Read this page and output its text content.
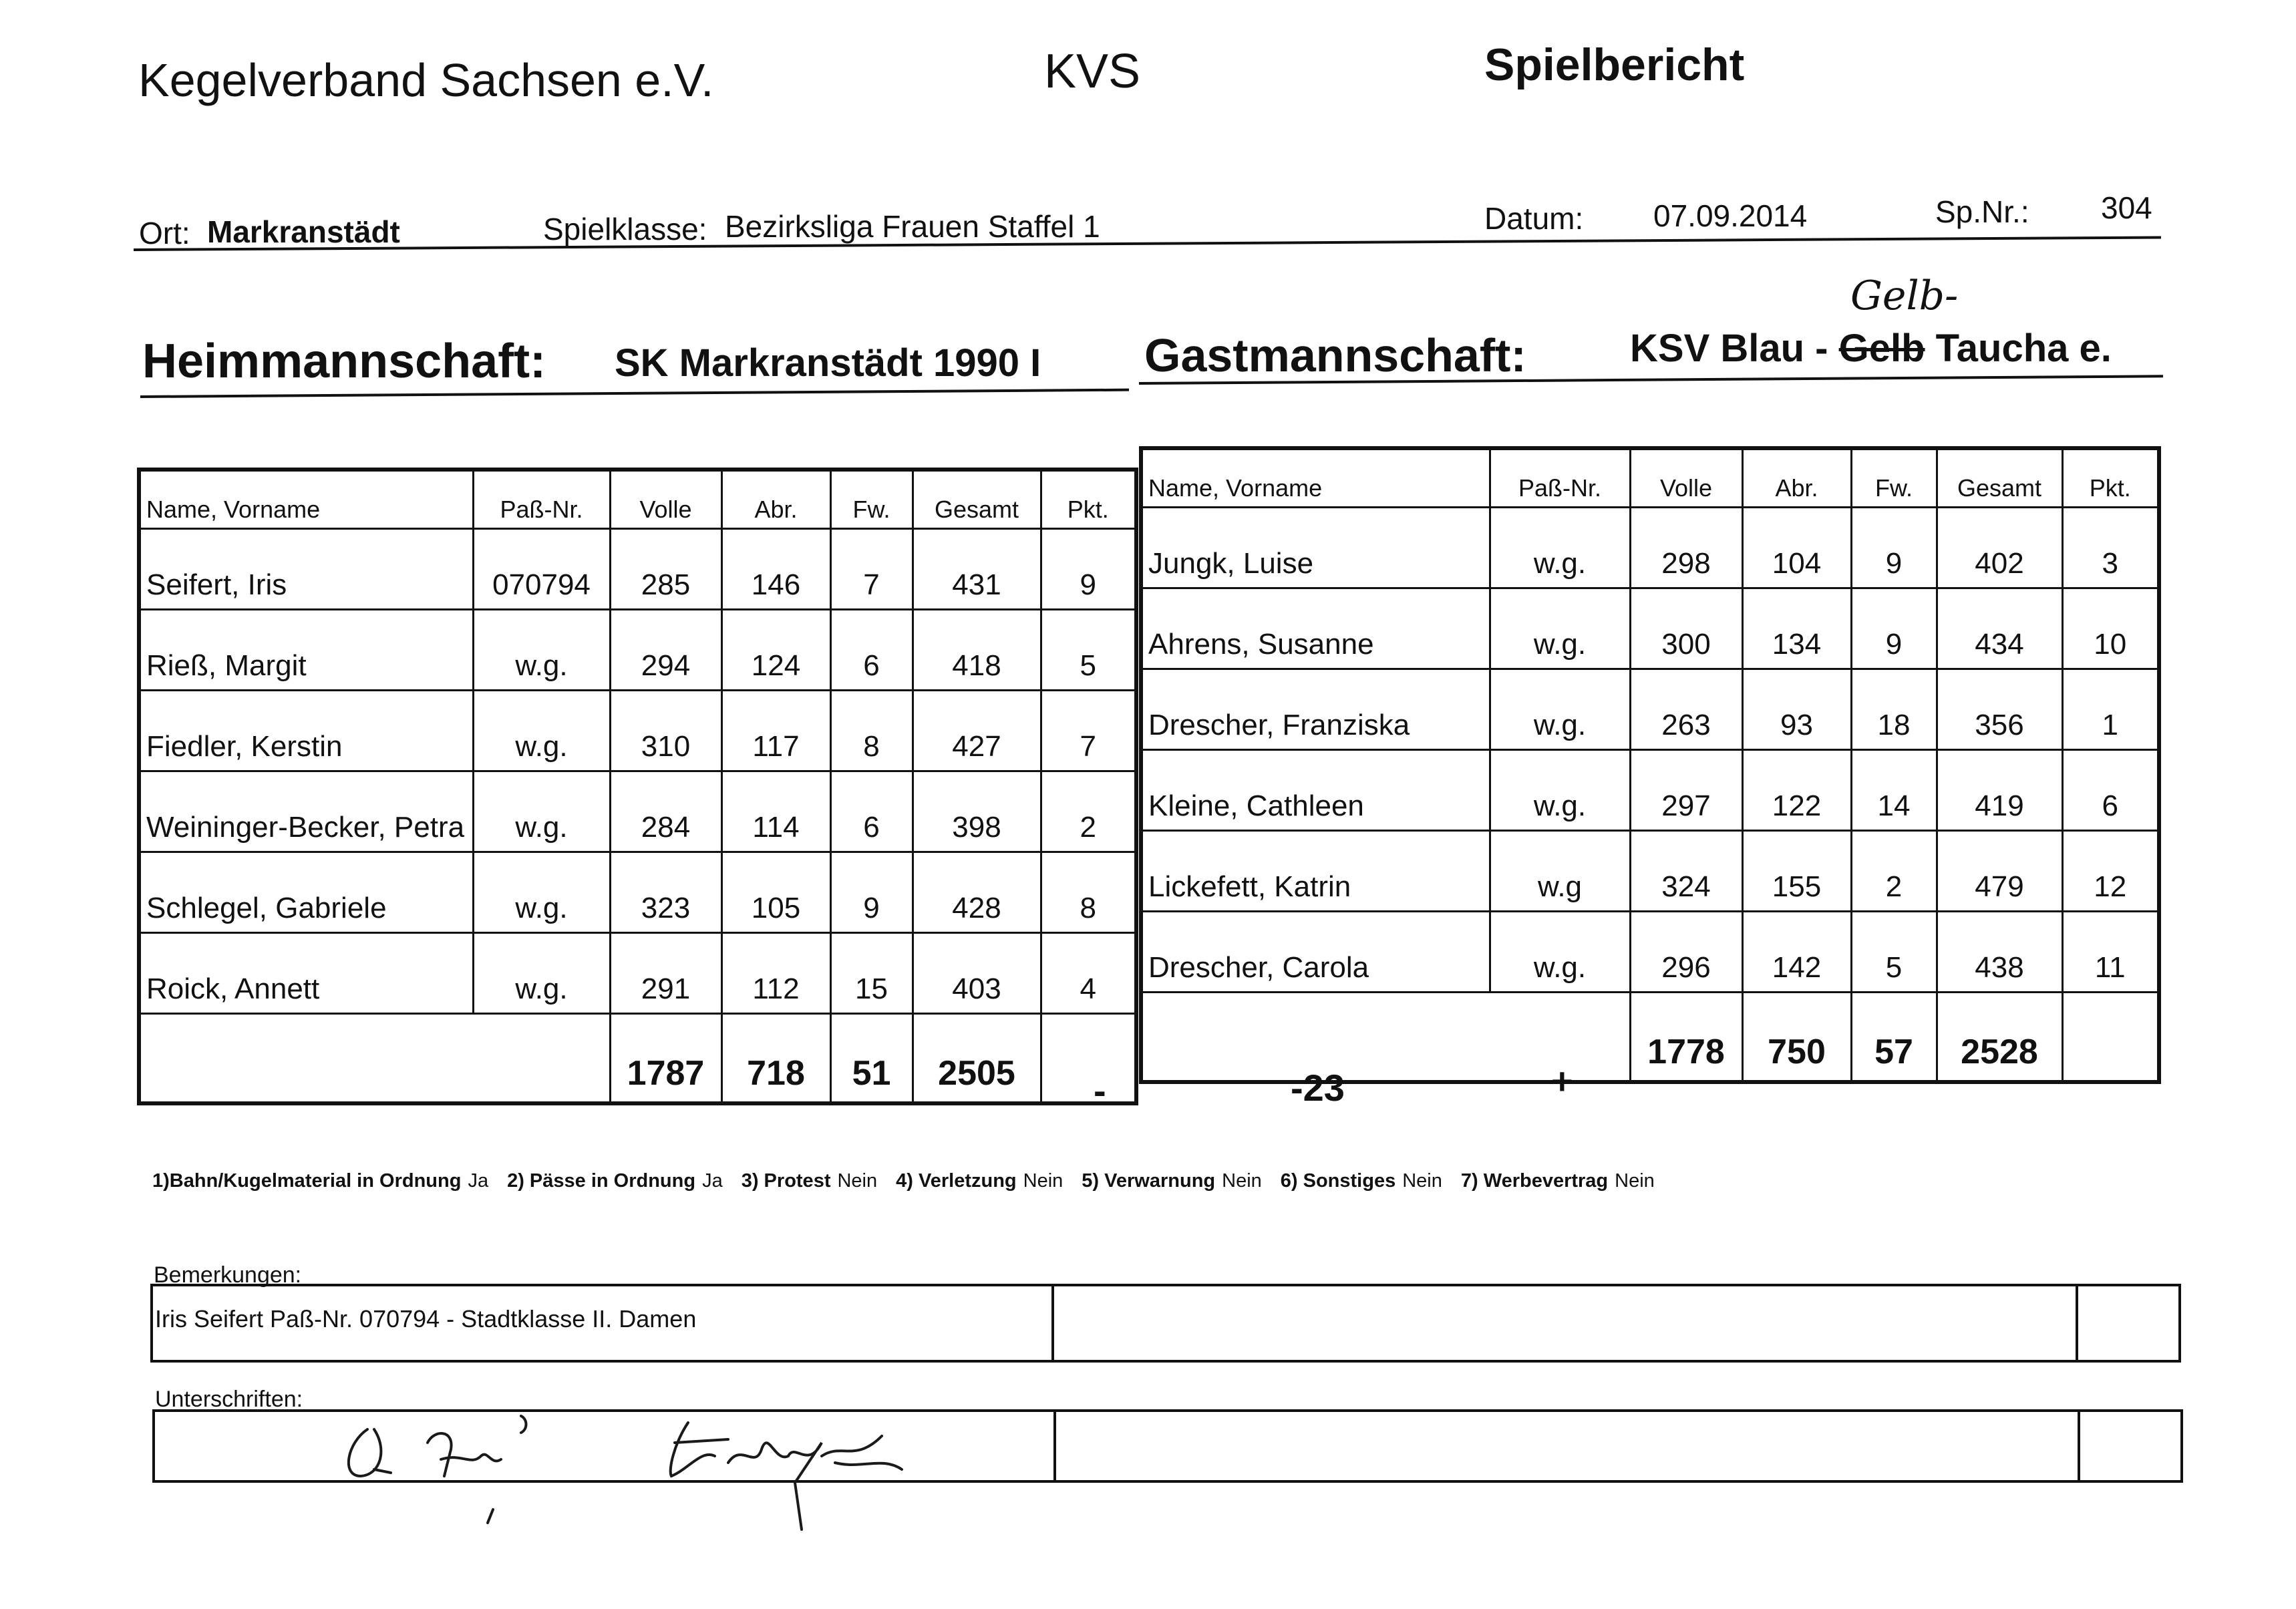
Kegelverband Sachsen e.V.	KVS	Spielbericht
Ort: Markranstädt	Spielklasse: Bezirksliga Frauen Staffel 1	Datum: 07.09.2014	Sp.Nr.: 304
Heimmannschaft: SK Markranstädt 1990 I Gastmannschaft:	KSV Blau - Gelb Taucha e.
Gelb-
Name, Vorname	Paß-Nr.	Volle	Abr.	Fw.	Gesamt	Pkt.
Seifert, Iris	070794	285	146	7	431	9
Rieß, Margit	w.g.	294	124	6	418	5
Fiedler, Kerstin	w.g.	310	117	8	427	7
Weininger-Becker, Petra	w.g.	284	114	6	398	2
Schlegel, Gabriele	w.g.	323	105	9	428	8
Roick, Annett	w.g.	291	112	15	403	4
		1787	718	51	2505	
Name, Vorname	Paß-Nr.	Volle	Abr.	Fw.	Gesamt	Pkt.
Jungk, Luise	w.g.	298	104	9	402	3
Ahrens, Susanne	w.g.	300	134	9	434	10
Drescher, Franziska	w.g.	263	93	18	356	1
Kleine, Cathleen	w.g.	297	122	14	419	6
Lickefett, Katrin	w.g	324	155	2	479	12
Drescher, Carola	w.g.	296	142	5	438	11
		1778	750	57	2528	
-	-23	+
1)Bahn/Kugelmaterial in Ordnung Ja 2) Pässe in Ordnung Ja 3) Protest Nein 4) Verletzung Nein 5) Verwarnung Nein 6) Sonstiges Nein 7) Werbevertrag Nein
Bemerkungen:
Iris Seifert Paß-Nr. 070794 - Stadtklasse II. Damen
Unterschriften:
